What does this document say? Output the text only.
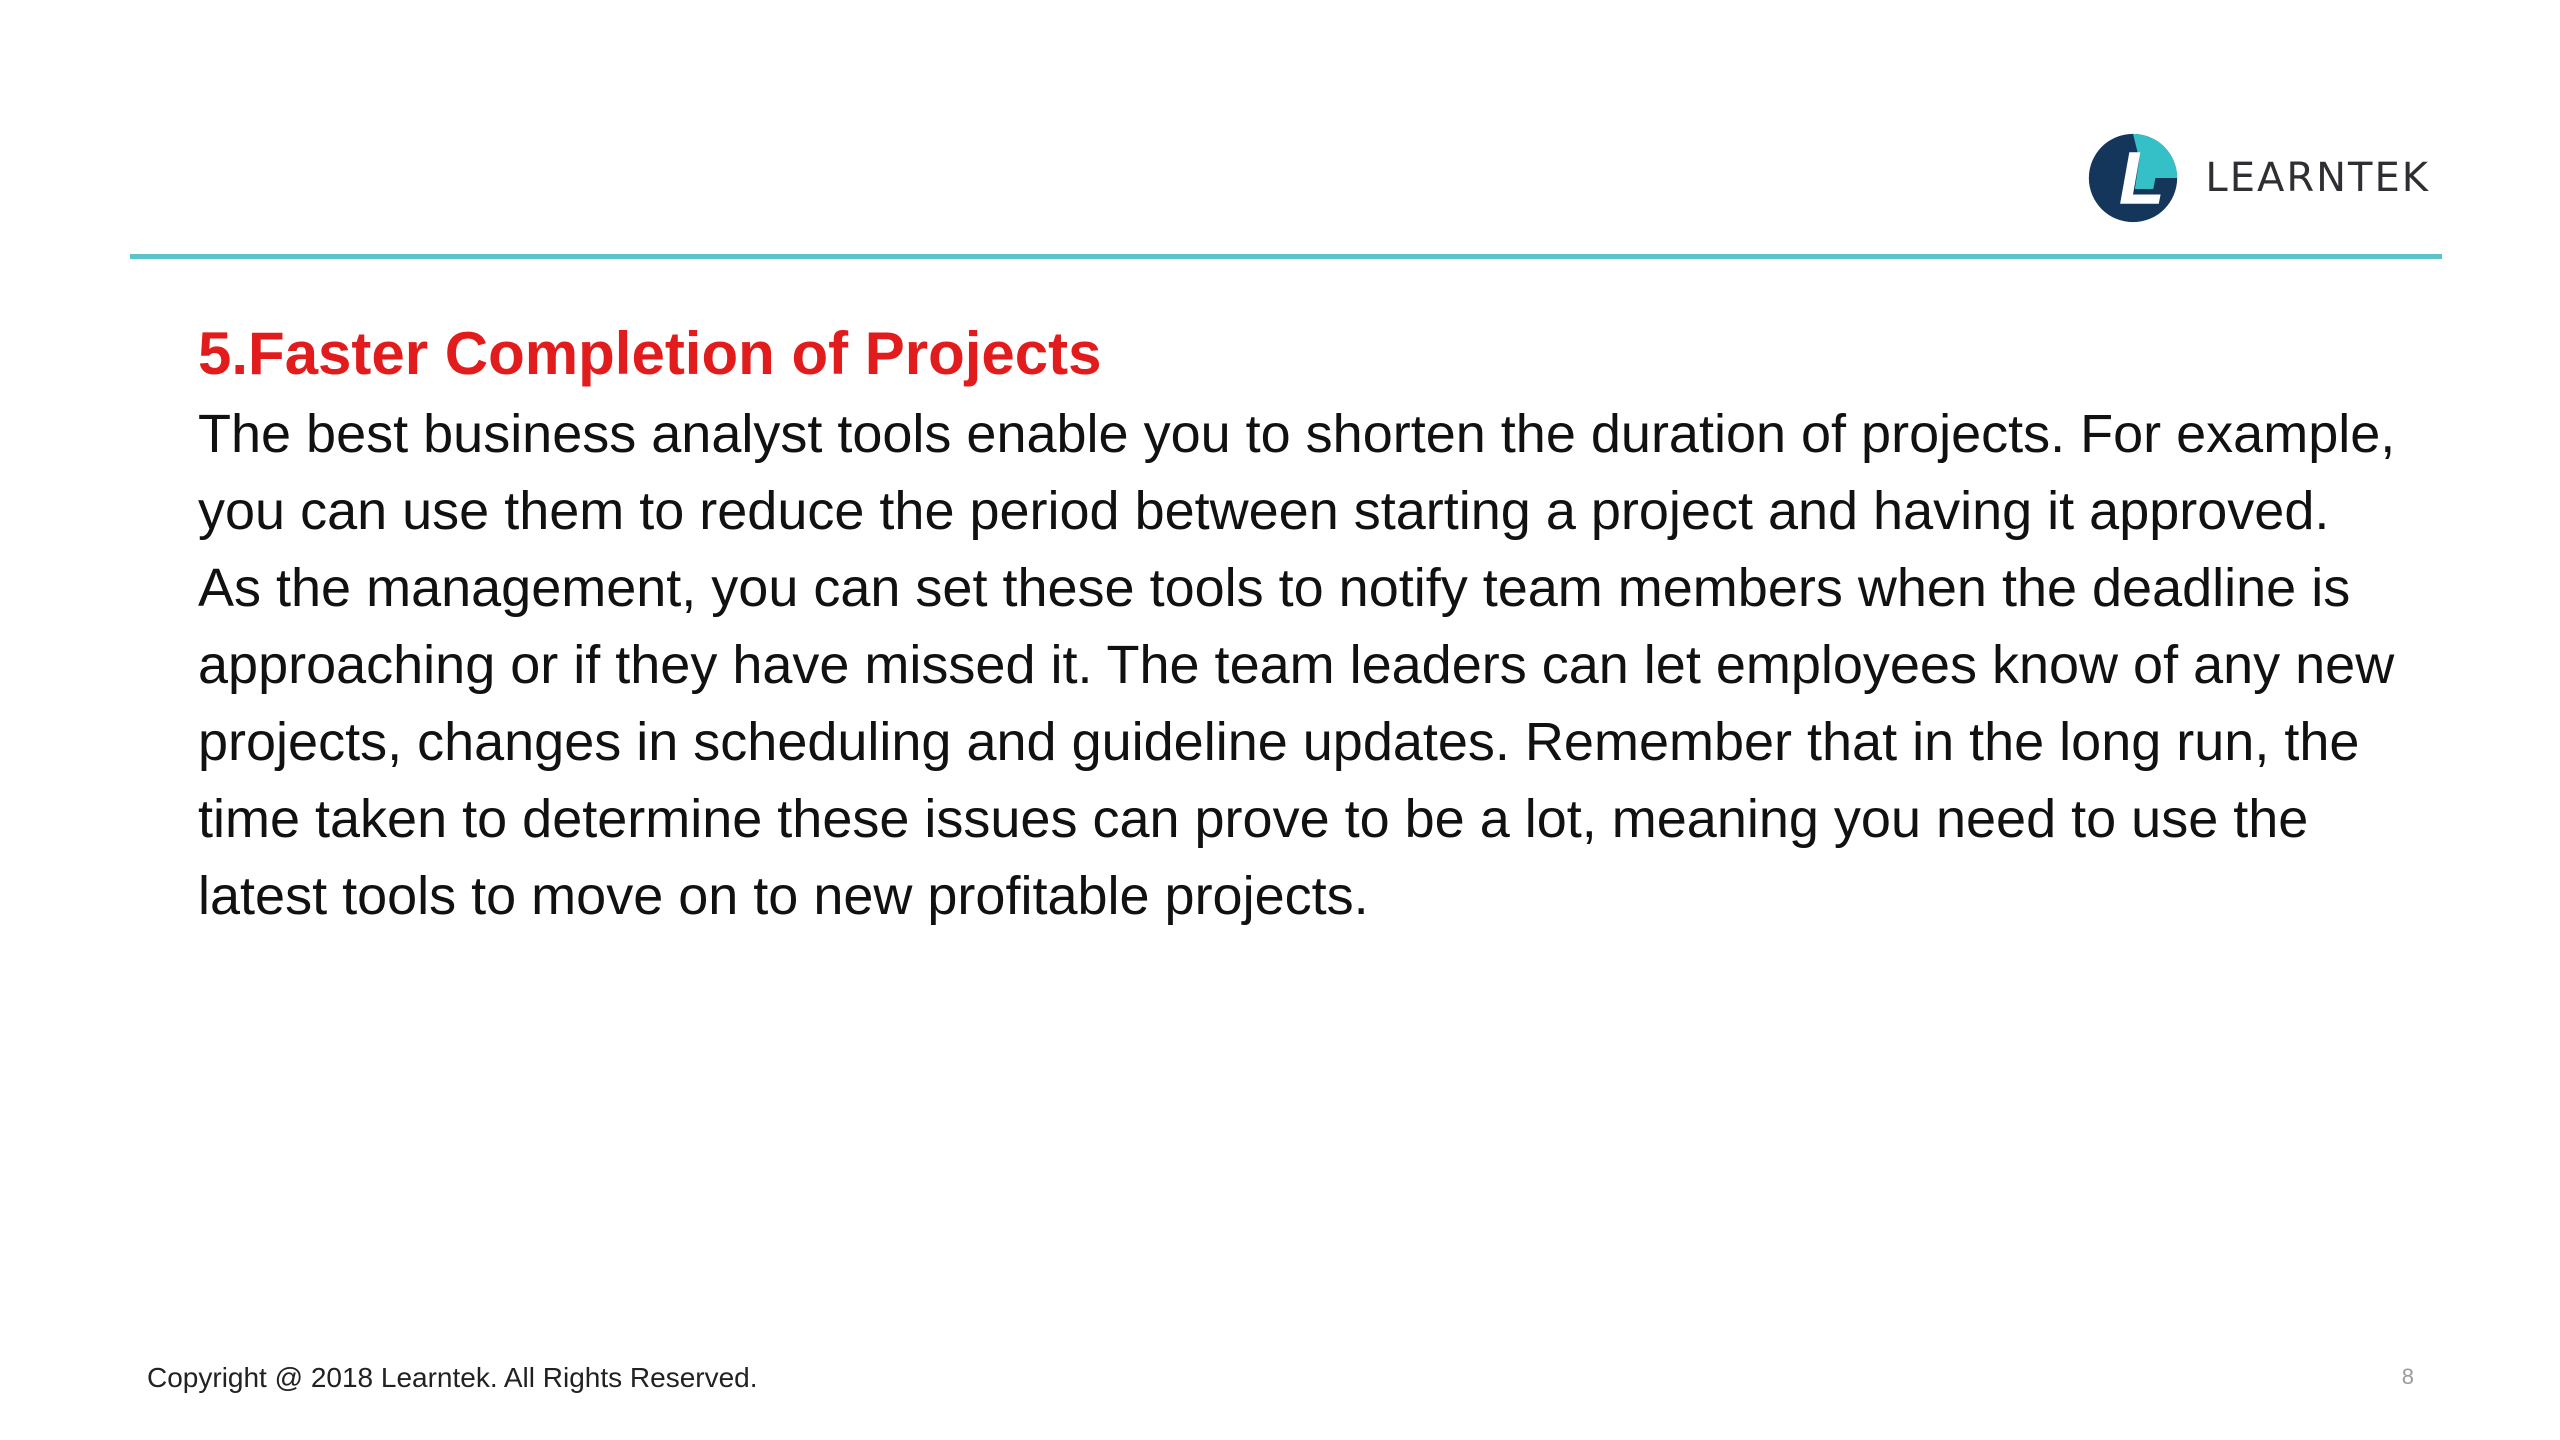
LEARNTEK
5.Faster Completion of Projects

The best business analyst tools enable you to shorten the duration of projects. For example, you can use them to reduce the period between starting a project and having it approved. As the management, you can set these tools to notify team members when the deadline is approaching or if they have missed it. The team leaders can let employees know of any new projects, changes in scheduling and guideline updates. Remember that in the long run, the time taken to determine these issues can prove to be a lot, meaning you need to use the latest tools to move on to new profitable projects.

Copyright @ 2018 Learntek. All Rights Reserved.	8
